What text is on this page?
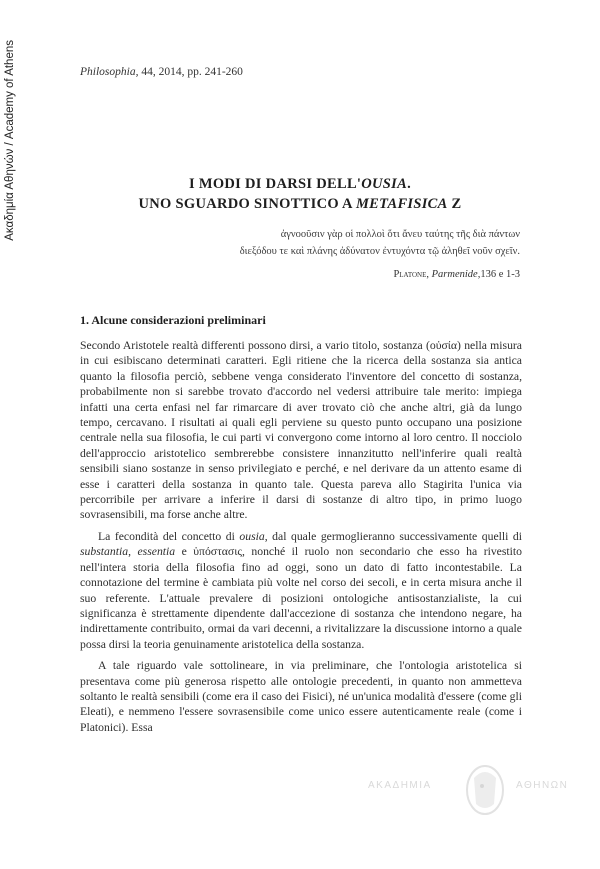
Ακαδημία Αθηνών / Academy of Athens	Philosophia, 44, 2014, pp. 241-260
I MODI DI DARSI DELL'OUSIA.
UNO SGUARDO SINOTTICO A METAFISICA Z
ἀγνοοῦσιν γὰρ οἱ πολλοὶ ὅτι ἄνευ ταύτης τῆς διὰ πάντων
διεξόδου τε καὶ πλάνης ἀδύνατον ἐντυχόντα τῷ ἀληθεῖ νοῦν σχεῖν.
Platone, Parmenide,136 e 1-3
1. Alcune considerazioni preliminari

Secondo Aristotele realtà differenti possono dirsi, a vario titolo, sostanza (οὐσία) nella misura in cui esibiscano determinati caratteri. Egli ritiene che la ricerca della sostanza sia antica quanto la filosofia perciò, sebbene venga considerato l'inventore del concetto di sostanza, probabilmente non si sarebbe trovato d'accordo nel vedersi attribuire tale merito: impiega infatti una certa enfasi nel far rimarcare di aver trovato ciò che anche altri, già da lungo tempo, cercavano. I risultati ai quali egli perviene su questo punto occupano una posizione centrale nella sua filosofia, le cui parti vi convergono come intorno al loro centro. Il nocciolo dell'approccio aristotelico sembrerebbe consistere innanzitutto nell'inferire quali realtà sensibili siano sostanze in senso privilegiato e perché, e nel derivare da un attento esame di esse i caratteri della sostanza in quanto tale. Questa pareva allo Stagirita l'unica via percorribile per arrivare a inferire il darsi di sostanze di altro tipo, in primo luogo sovrasensibili, ma forse anche altre.

La fecondità del concetto di ousia, dal quale germoglieranno successivamente quelli di substantia, essentia e ὑπόστασις, nonché il ruolo non secondario che esso ha rivestito nell'intera storia della filosofia fino ad oggi, sono un dato di fatto incontestabile. La connotazione del termine è cambiata più volte nel corso dei secoli, e in certa misura anche il suo referente. L'attuale prevalere di posizioni ontologiche antisostanzialiste, la cui significanza è strettamente dipendente dall'accezione di sostanza che intendono negare, ha indirettamente contribuito, ormai da vari decenni, a rivitalizzare la discussione intorno a quale possa dirsi la teoria genuinamente aristotelica della sostanza.

A tale riguardo vale sottolineare, in via preliminare, che l'ontologia aristotelica si presentava come più generosa rispetto alle ontologie precedenti, in quanto non ammetteva soltanto le realtà sensibili (come era il caso dei Fisici), né un'unica modalità d'essere (come gli Eleati), e nemmeno l'essere sovrasensibile come unico essere autenticamente reale (come i Platonici). Essa

ΑΚΑΔΗΜΙΑ	ΑΘΗΝΩΝ
